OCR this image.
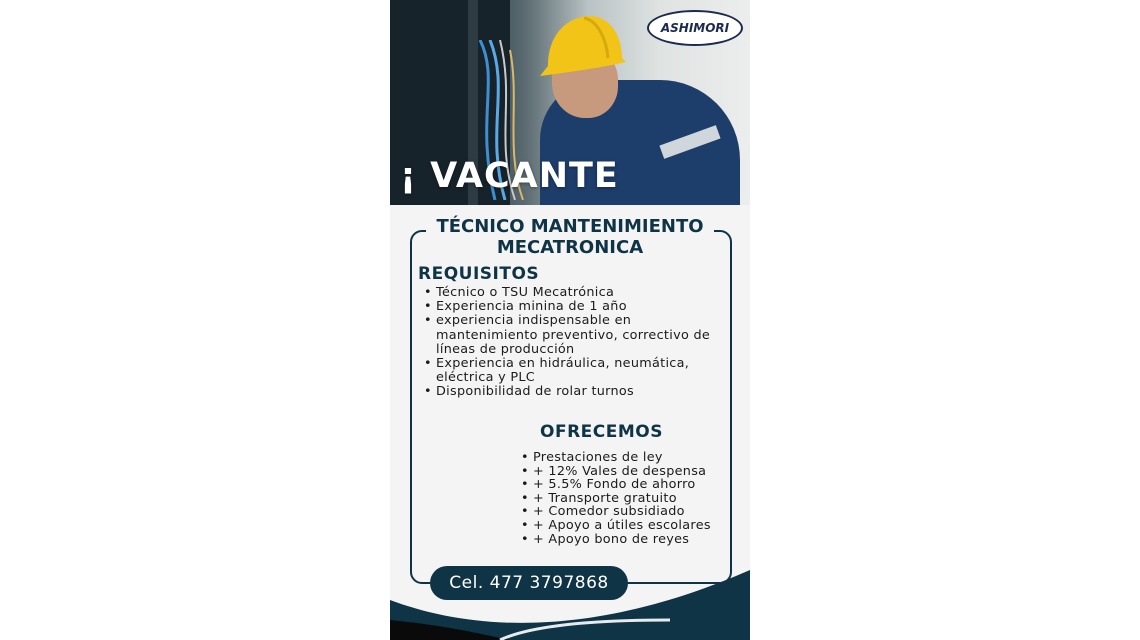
ASHIMORI
¡ VACANTE
TÉCNICO MANTENIMIENTO
MECATRONICA
REQUISITOS
• Técnico o TSU Mecatrónica
• Experiencia minina de 1 año
• experiencia indispensable en mantenimiento preventivo, correctivo de líneas de producción
• Experiencia en hidráulica, neumática, eléctrica y PLC
• Disponibilidad de rolar turnos
OFRECEMOS
• Prestaciones de ley
• + 12% Vales de despensa
• + 5.5% Fondo de ahorro
• + Transporte gratuito
• + Comedor subsidiado
• + Apoyo a útiles escolares
• + Apoyo bono de reyes
Cel. 477 3797868
